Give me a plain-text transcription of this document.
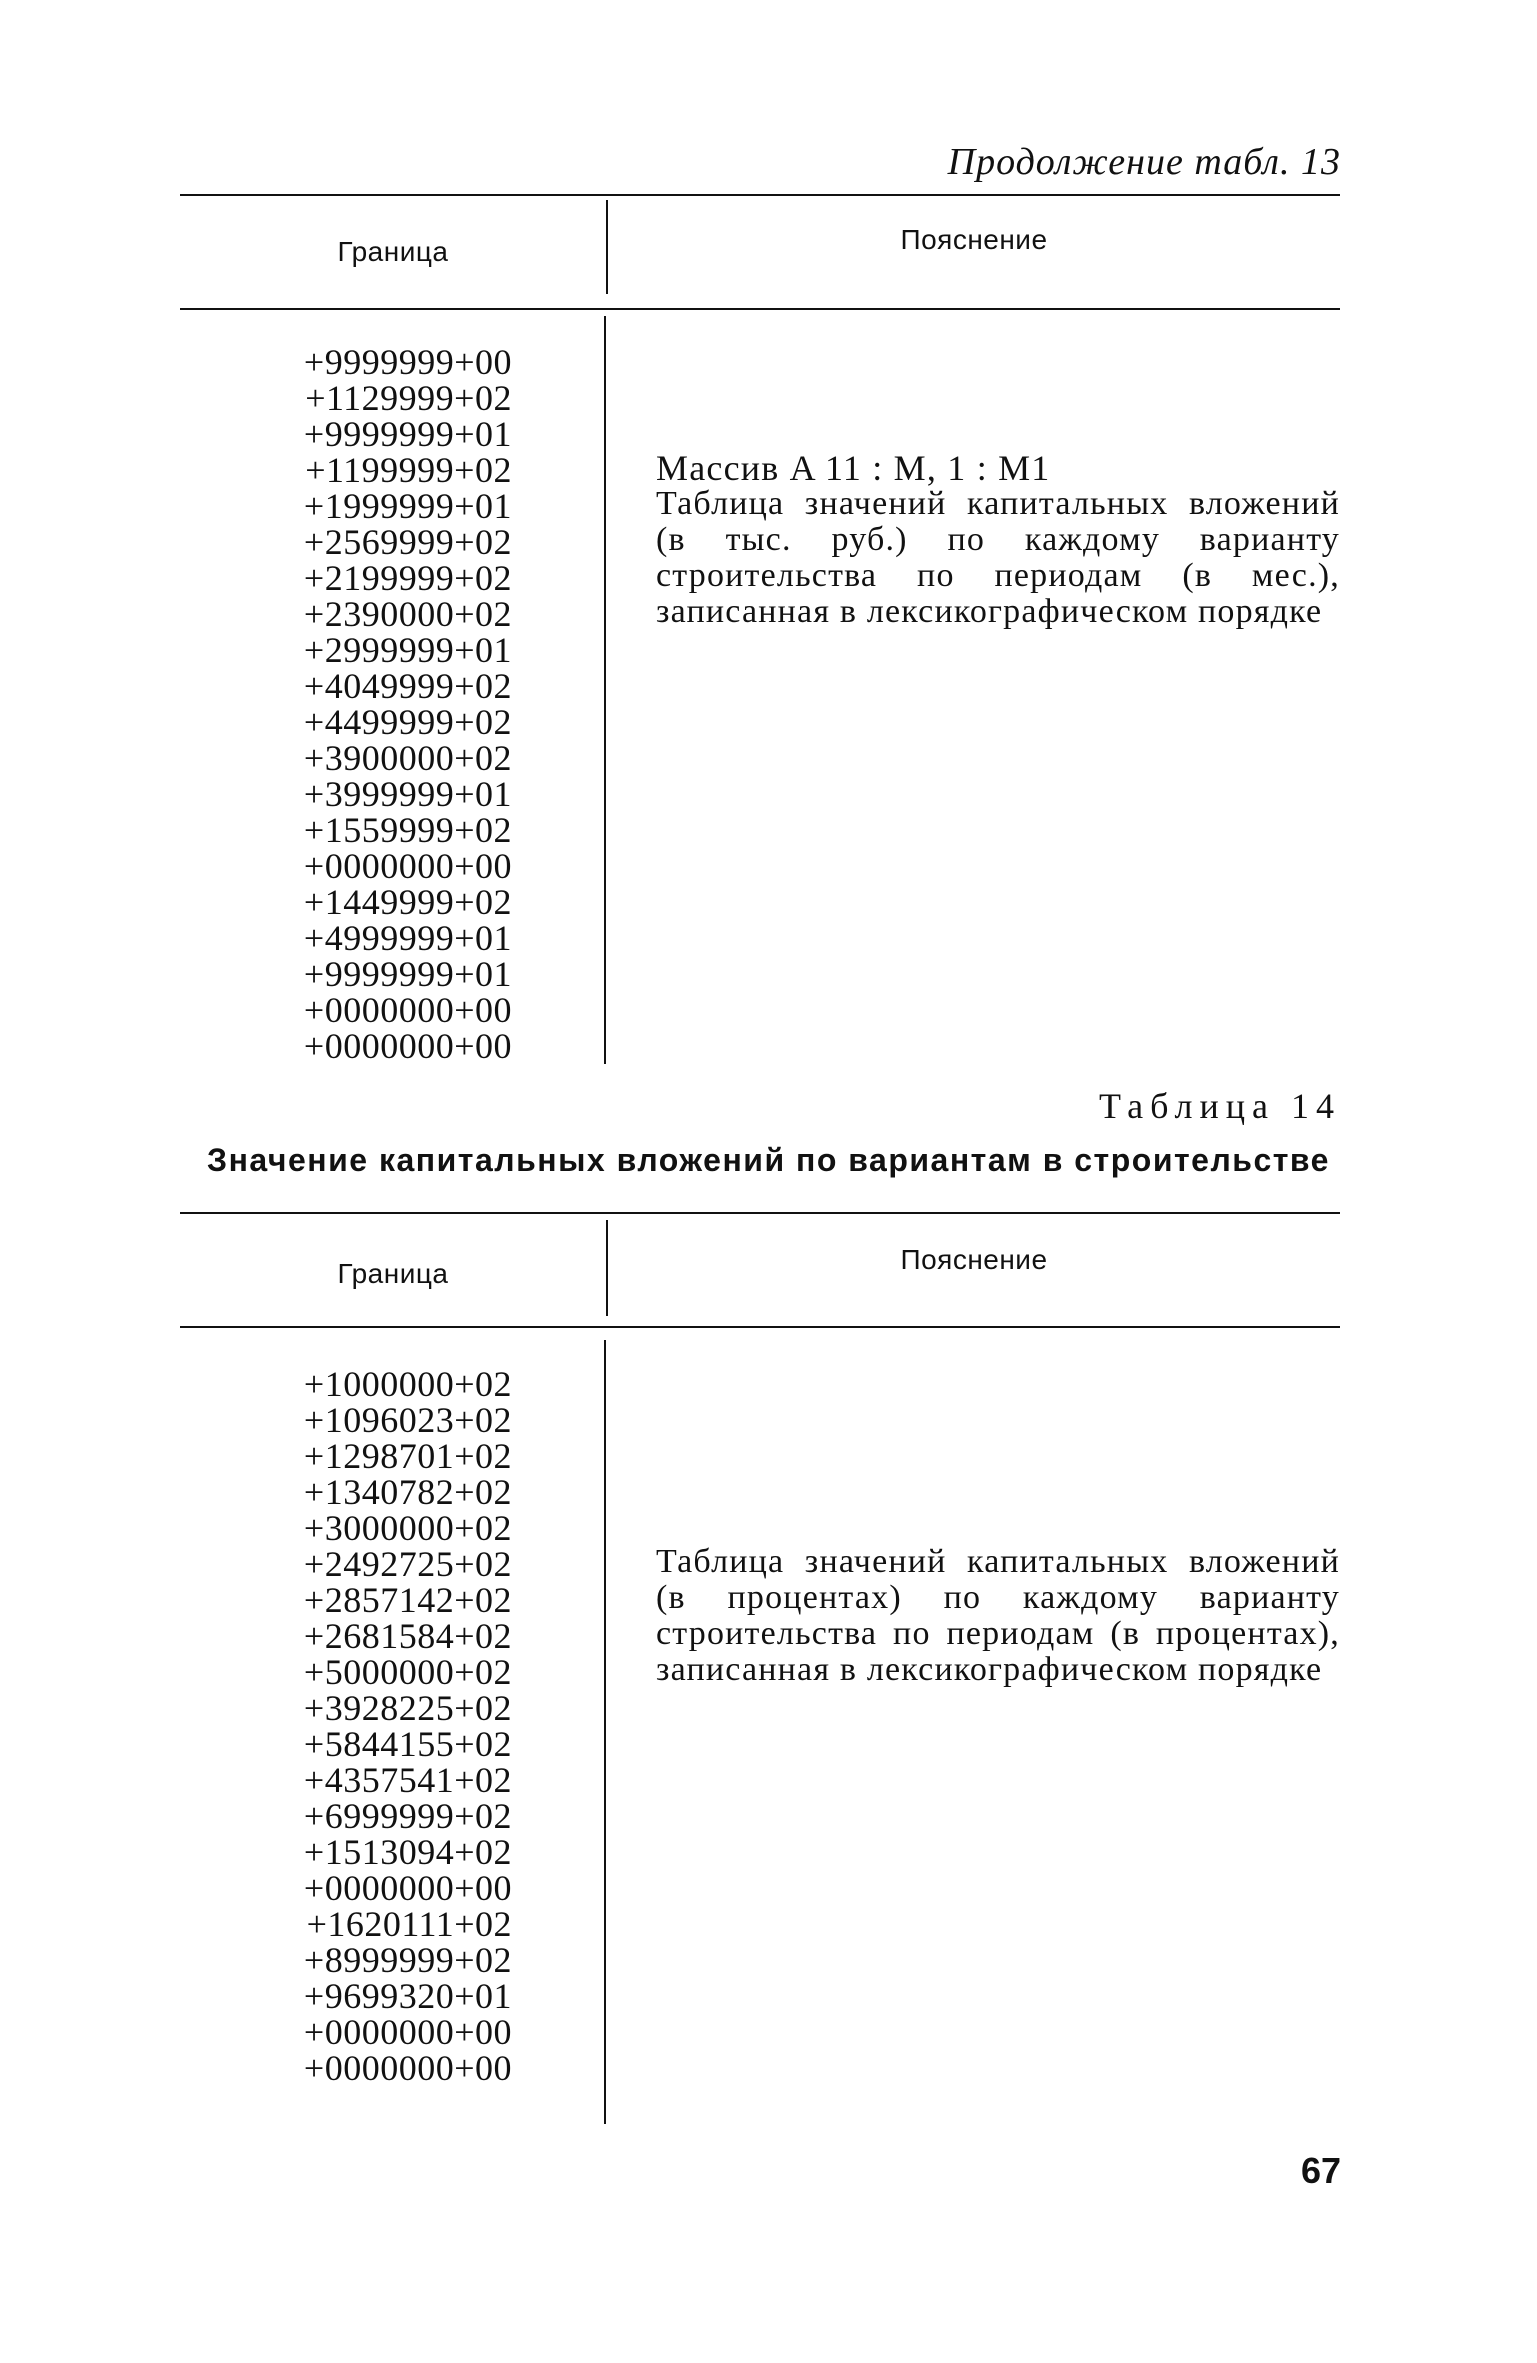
Продолжение табл. 13
Граница	Пояснение
+9999999+00
+1129999+02
+9999999+01
+1199999+02
+1999999+01
+2569999+02
+2199999+02
+2390000+02
+2999999+01
+4049999+02
+4499999+02
+3900000+02
+3999999+01
+1559999+02
+0000000+00
+1449999+02
+4999999+01
+9999999+01
+0000000+00
+0000000+00
Массив A 11 : M, 1 : M1
Таблица значений капитальных вложений (в тыс. руб.) по каждому варианту строительства по периодам (в мес.), записанная в лексикографическом порядке
Таблица 14
Значение капитальных вложений по вариантам в строительстве
Граница	Пояснение
+1000000+02
+1096023+02
+1298701+02
+1340782+02
+3000000+02
+2492725+02
+2857142+02
+2681584+02
+5000000+02
+3928225+02
+5844155+02
+4357541+02
+6999999+02
+1513094+02
+0000000+00
+1620111+02
+8999999+02
+9699320+01
+0000000+00
+0000000+00
Таблица значений капитальных вложений (в процентах) по каждому варианту строительства по периодам (в процентах), записанная в лексикографическом порядке
67
